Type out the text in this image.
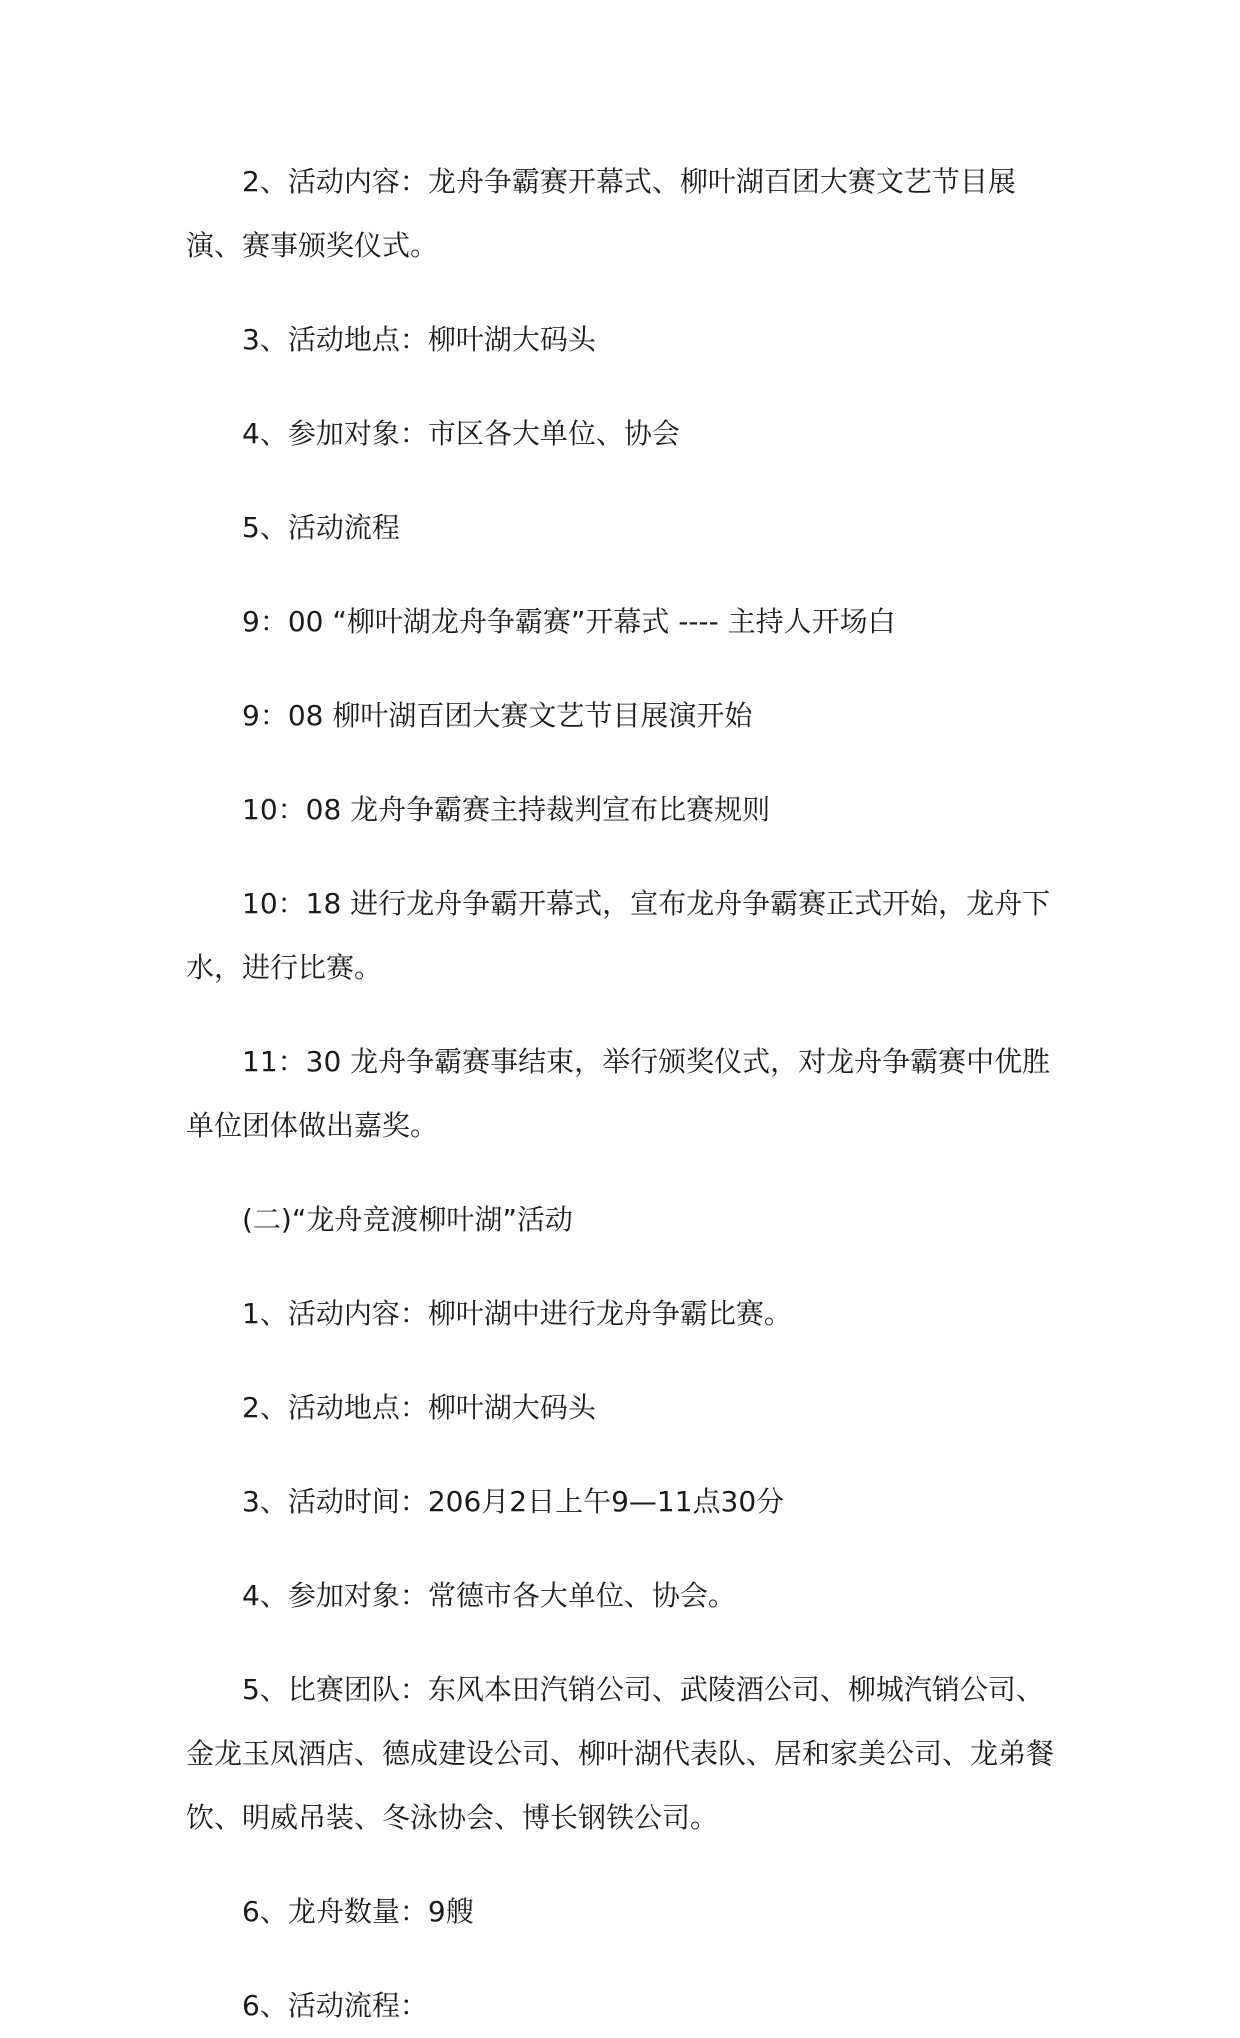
2、活动内容：龙舟争霸赛开幕式、柳叶湖百团大赛文艺节目展演、赛事颁奖仪式。

3、活动地点：柳叶湖大码头

4、参加对象：市区各大单位、协会

5、活动流程

9：00 “柳叶湖龙舟争霸赛”开幕式 ---- 主持人开场白

9：08 柳叶湖百团大赛文艺节目展演开始

10：08 龙舟争霸赛主持裁判宣布比赛规则

10：18 进行龙舟争霸开幕式，宣布龙舟争霸赛正式开始，龙舟下水，进行比赛。

11：30 龙舟争霸赛事结束，举行颁奖仪式，对龙舟争霸赛中优胜单位团体做出嘉奖。

(二)“龙舟竞渡柳叶湖”活动

1、活动内容：柳叶湖中进行龙舟争霸比赛。

2、活动地点：柳叶湖大码头

3、活动时间：206月2日上午9—11点30分

4、参加对象：常德市各大单位、协会。

5、比赛团队：东风本田汽销公司、武陵酒公司、柳城汽销公司、金龙玉凤酒店、德成建设公司、柳叶湖代表队、居和家美公司、龙弟餐饮、明威吊装、冬泳协会、博长钢铁公司。

6、龙舟数量：9艘

6、活动流程：
